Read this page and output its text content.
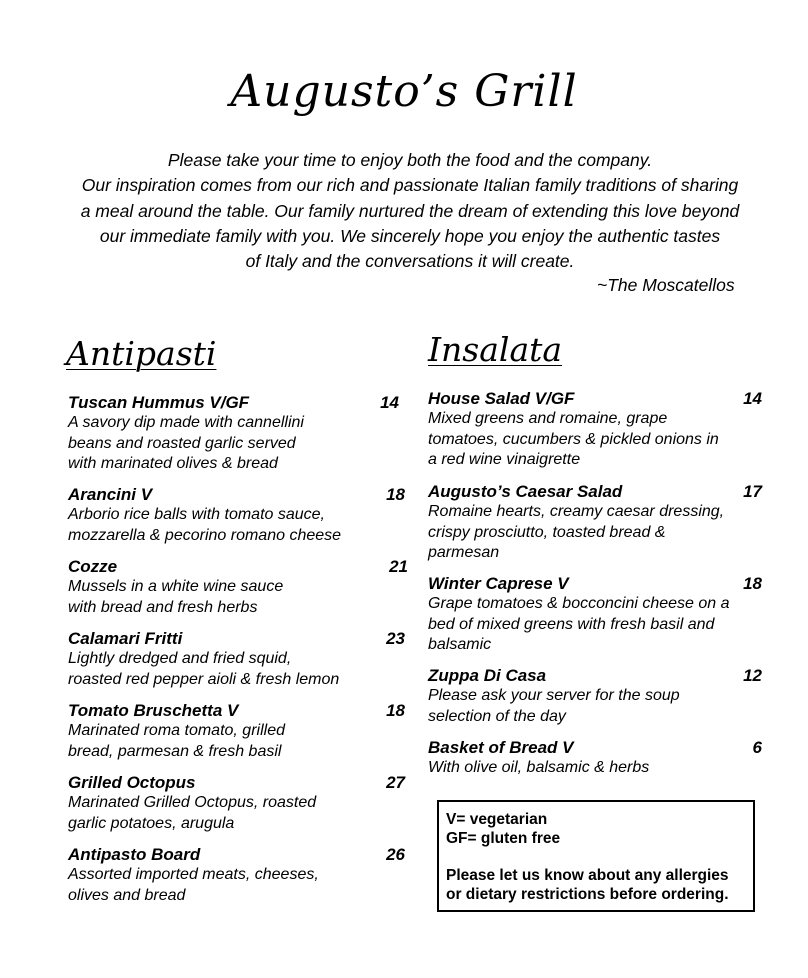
Augusto’s Grill
Please take your time to enjoy both the food and the company.
Our inspiration comes from our rich and passionate Italian family traditions of sharing
a meal around the table. Our family nurtured the dream of extending this love beyond
our immediate family with you. We sincerely hope you enjoy the authentic tastes
of Italy and the conversations it will create.
~The Moscatellos
Antipasti
Tuscan Hummus V/GF	14
A savory dip made with cannellini
beans and roasted garlic served
with marinated olives & bread
Arancini V	18
Arborio rice balls with tomato sauce,
mozzarella & pecorino romano cheese
Cozze	21
Mussels in a white wine sauce
with bread and fresh herbs
Calamari Fritti	23
Lightly dredged and fried squid,
roasted red pepper aioli & fresh lemon
Tomato Bruschetta V	18
Marinated roma tomato, grilled
bread, parmesan & fresh basil
Grilled Octopus	27
Marinated Grilled Octopus, roasted
garlic potatoes, arugula
Antipasto Board	26
Assorted imported meats, cheeses,
olives and bread
Insalata
House Salad V/GF	14
Mixed greens and romaine, grape
tomatoes, cucumbers & pickled onions in
a red wine vinaigrette
Augusto’s Caesar Salad	17
Romaine hearts, creamy caesar dressing,
crispy prosciutto, toasted bread &
parmesan
Winter Caprese V	18
Grape tomatoes & bocconcini cheese on a
bed of mixed greens with fresh basil and
balsamic
Zuppa Di Casa	12
Please ask your server for the soup
selection of the day
Basket of Bread V	6
With olive oil, balsamic & herbs
V= vegetarian
GF= gluten free
Please let us know about any allergies
or dietary restrictions before ordering.
